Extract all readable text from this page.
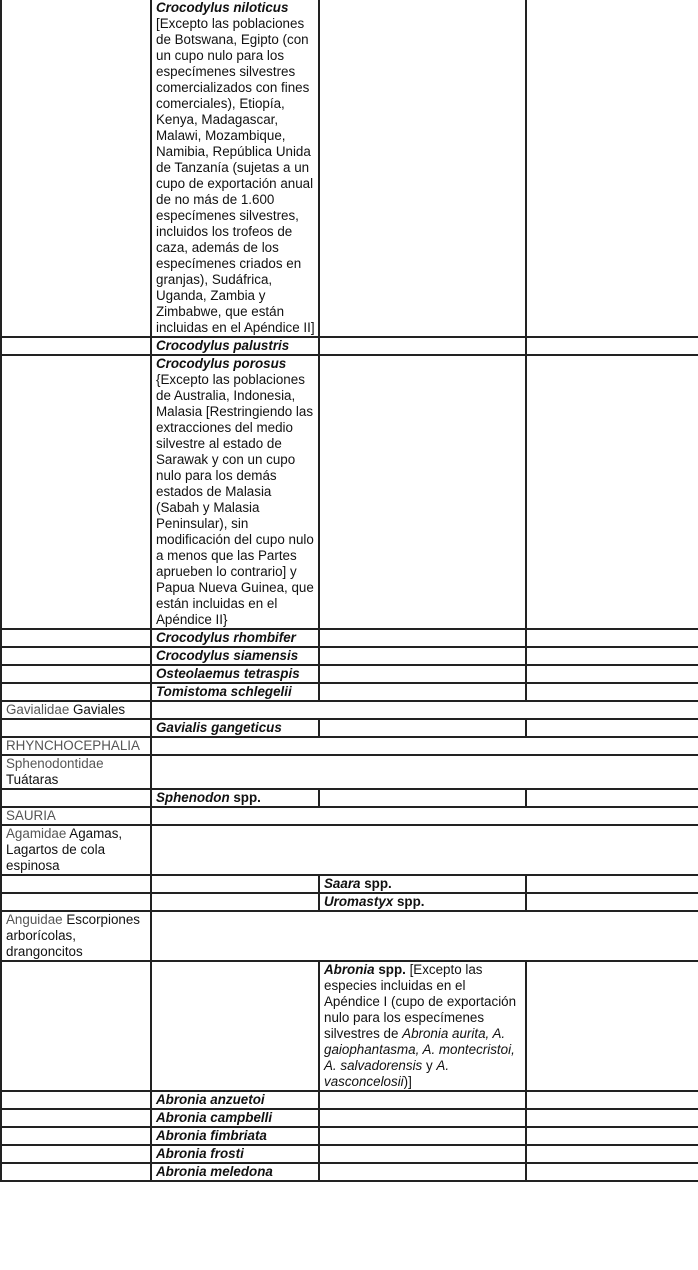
	Crocodylus niloticus [Excepto las poblaciones de Botswana, Egipto (con un cupo nulo para los especímenes silvestres comercializados con fines comerciales), Etiopía, Kenya, Madagascar, Malawi, Mozambique, Namibia, República Unida de Tanzanía (sujetas a un cupo de exportación anual de no más de 1.600 especímenes silvestres, incluidos los trofeos de caza, además de los especímenes criados en granjas), Sudáfrica, Uganda, Zambia y Zimbabwe, que están incluidas en el Apéndice II]		
	Crocodylus palustris		
	Crocodylus porosus {Excepto las poblaciones de Australia, Indonesia, Malasia [Restringiendo las extracciones del medio silvestre al estado de Sarawak y con un cupo nulo para los demás estados de Malasia (Sabah y Malasia Peninsular), sin modificación del cupo nulo a menos que las Partes aprueben lo contrario] y Papua Nueva Guinea, que están incluidas en el Apéndice II}		
	Crocodylus rhombifer		
	Crocodylus siamensis		
	Osteolaemus tetraspis		
	Tomistoma schlegelii		
Gavialidae Gaviales			
	Gavialis gangeticus		
RHYNCHOCEPHALIA			
Sphenodontidae Tuátaras			
	Sphenodon spp.		
SAURIA			
Agamidae Agamas, Lagartos de cola espinosa			
		Saara spp.	
		Uromastyx spp.	
Anguidae Escorpiones arborícolas, drangoncitos			
		Abronia spp. [Excepto las especies incluidas en el Apéndice I (cupo de exportación nulo para los especímenes silvestres de Abronia aurita, A. gaiophantasma, A. montecristoi, A. salvadorensis y A. vasconcelosii)]	
	Abronia anzuetoi		
	Abronia campbelli		
	Abronia fimbriata		
	Abronia frosti		
	Abronia meledona		
